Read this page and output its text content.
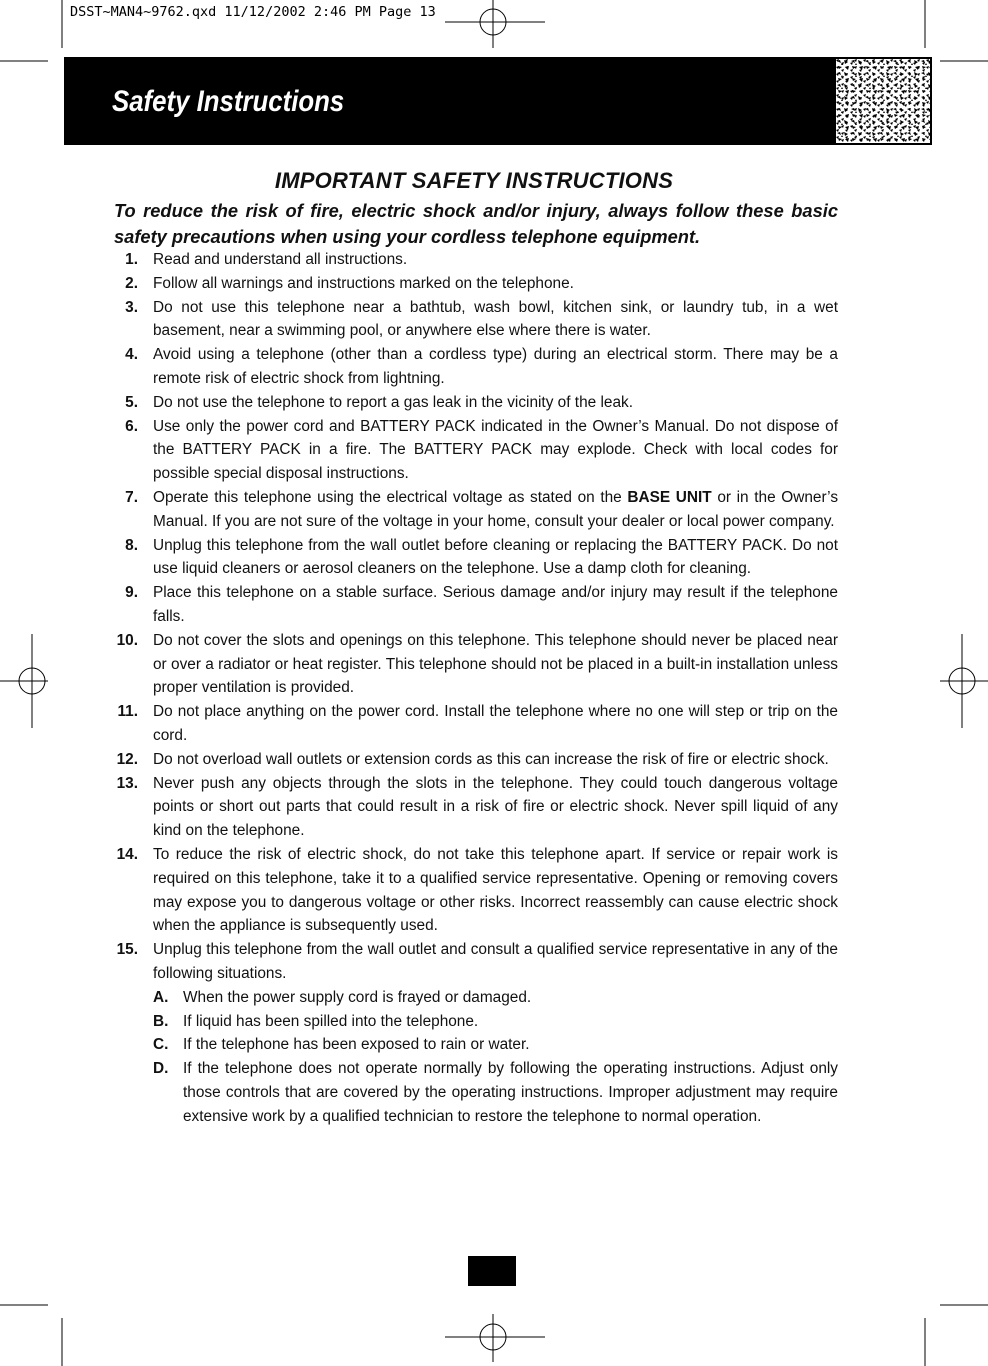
DSST~MAN4~9762.qxd 11/12/2002 2:46 PM Page 13
Safety Instructions
IMPORTANT SAFETY INSTRUCTIONS
To reduce the risk of fire, electric shock and/or injury, always follow these basic safety precautions when using your cordless telephone equipment.
1. Read and understand all instructions.
2. Follow all warnings and instructions marked on the telephone.
3. Do not use this telephone near a bathtub, wash bowl, kitchen sink, or laundry tub, in a wet basement, near a swimming pool, or anywhere else where there is water.
4. Avoid using a telephone (other than a cordless type) during an electrical storm. There may be a remote risk of electric shock from lightning.
5. Do not use the telephone to report a gas leak in the vicinity of the leak.
6. Use only the power cord and BATTERY PACK indicated in the Owner’s Manual. Do not dispose of the BATTERY PACK in a fire. The BATTERY PACK may explode. Check with local codes for possible special disposal instructions.
7. Operate this telephone using the electrical voltage as stated on the BASE UNIT or in the Owner’s Manual. If you are not sure of the voltage in your home, consult your dealer or local power company.
8. Unplug this telephone from the wall outlet before cleaning or replacing the BATTERY PACK. Do not use liquid cleaners or aerosol cleaners on the telephone. Use a damp cloth for cleaning.
9. Place this telephone on a stable surface. Serious damage and/or injury may result if the telephone falls.
10. Do not cover the slots and openings on this telephone. This telephone should never be placed near or over a radiator or heat register. This telephone should not be placed in a built-in installation unless proper ventilation is provided.
11. Do not place anything on the power cord. Install the telephone where no one will step or trip on the cord.
12. Do not overload wall outlets or extension cords as this can increase the risk of fire or electric shock.
13. Never push any objects through the slots in the telephone. They could touch dangerous voltage points or short out parts that could result in a risk of fire or electric shock. Never spill liquid of any kind on the telephone.
14. To reduce the risk of electric shock, do not take this telephone apart. If service or repair work is required on this telephone, take it to a qualified service representative. Opening or removing covers may expose you to dangerous voltage or other risks. Incorrect reassembly can cause electric shock when the appliance is subsequently used.
15. Unplug this telephone from the wall outlet and consult a qualified service representative in any of the following situations.
A. When the power supply cord is frayed or damaged.
B. If liquid has been spilled into the telephone.
C. If the telephone has been exposed to rain or water.
D. If the telephone does not operate normally by following the operating instructions. Adjust only those controls that are covered by the operating instructions. Improper adjustment may require extensive work by a qualified technician to restore the telephone to normal operation.
